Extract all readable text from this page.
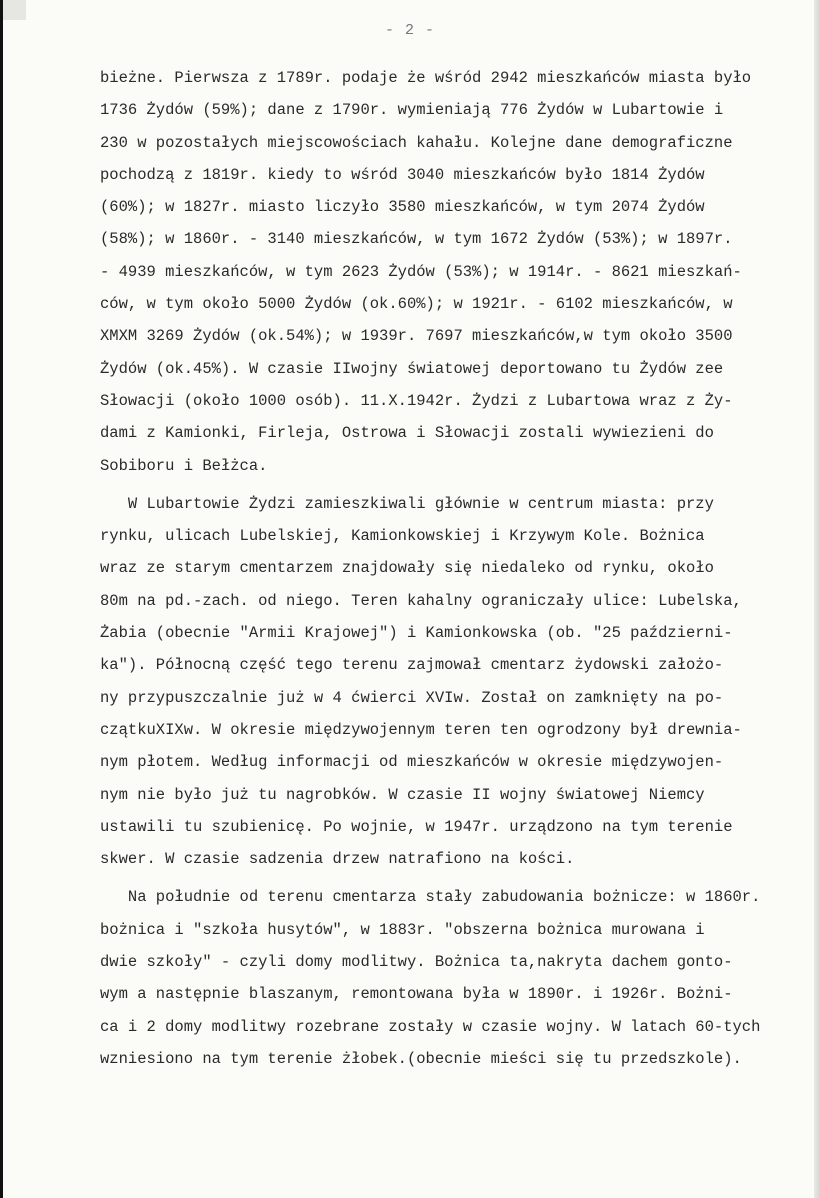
- 2 -
bieżne. Pierwsza z 1789r. podaje że wśród 2942 mieszkańców miasta było
1736 Żydów (59%); dane z 1790r. wymieniają 776 Żydów w Lubartowie i
230 w pozostałych miejscowościach kahału. Kolejne dane demograficzne
pochodzą z 1819r. kiedy to wśród 3040 mieszkańców było 1814 Żydów
(60%); w 1827r. miasto liczyło 3580 mieszkańców, w tym 2074 Żydów
(58%); w 1860r. - 3140 mieszkańców, w tym 1672 Żydów (53%); w 1897r.
- 4939 mieszkańców, w tym 2623 Żydów (53%); w 1914r. - 8621 mieszkań-
ców, w tym około 5000 Żydów (ok.60%); w 1921r. - 6102 mieszkańców, w
ХМХМ 3269 Żydów (ok.54%); w 1939r. 7697 mieszkańców,w tym około 3500
Żydów (ok.45%). W czasie IIwojny światowej deportowano tu Żydów zee
Słowacji (około 1000 osób). 11.X.1942r. Żydzi z Lubartowa wraz z Ży-
dami z Kamionki, Firleja, Ostrowa i Słowacji zostali wywiezieni do
Sobiboru i Bełżca.
W Lubartowie Żydzi zamieszkiwali głównie w centrum miasta: przy
rynku, ulicach Lubelskiej, Kamionkowskiej i Krzywym Kole. Bożnica
wraz ze starym cmentarzem znajdowały się niedaleko od rynku, około
80m na pd.-zach. od niego. Teren kahalny ograniczały ulice: Lubelska,
Żabia (obecnie "Armii Krajowej") i Kamionkowska (ob. "25 październi-
ka"). Północną część tego terenu zajmował cmentarz żydowski założo-
ny przypuszczalnie już w 4 ćwierci XVIw. Został on zamknięty na po-
czątkuXIXw. W okresie międzywojennym teren ten ogrodzony był drewnia-
nym płotem. Według informacji od mieszkańców w okresie międzywojen-
nym nie było już tu nagrobków. W czasie II wojny światowej Niemcy
ustawili tu szubienicę. Po wojnie, w 1947r. urządzono na tym terenie
skwer. W czasie sadzenia drzew natrafiono na kości.
Na południe od terenu cmentarza stały zabudowania bożnicze: w 1860r.
bożnica i "szkoła husytów", w 1883r. "obszerna bożnica murowana i
dwie szkoły" - czyli domy modlitwy. Bożnica ta,nakryta dachem gonto-
wym a następnie blaszanym, remontowana była w 1890r. i 1926r. Bożni-
ca i 2 domy modlitwy rozebrane zostały w czasie wojny. W latach 60-tych
wzniesiono na tym terenie żłobek.(obecnie mieści się tu przedszkole).
